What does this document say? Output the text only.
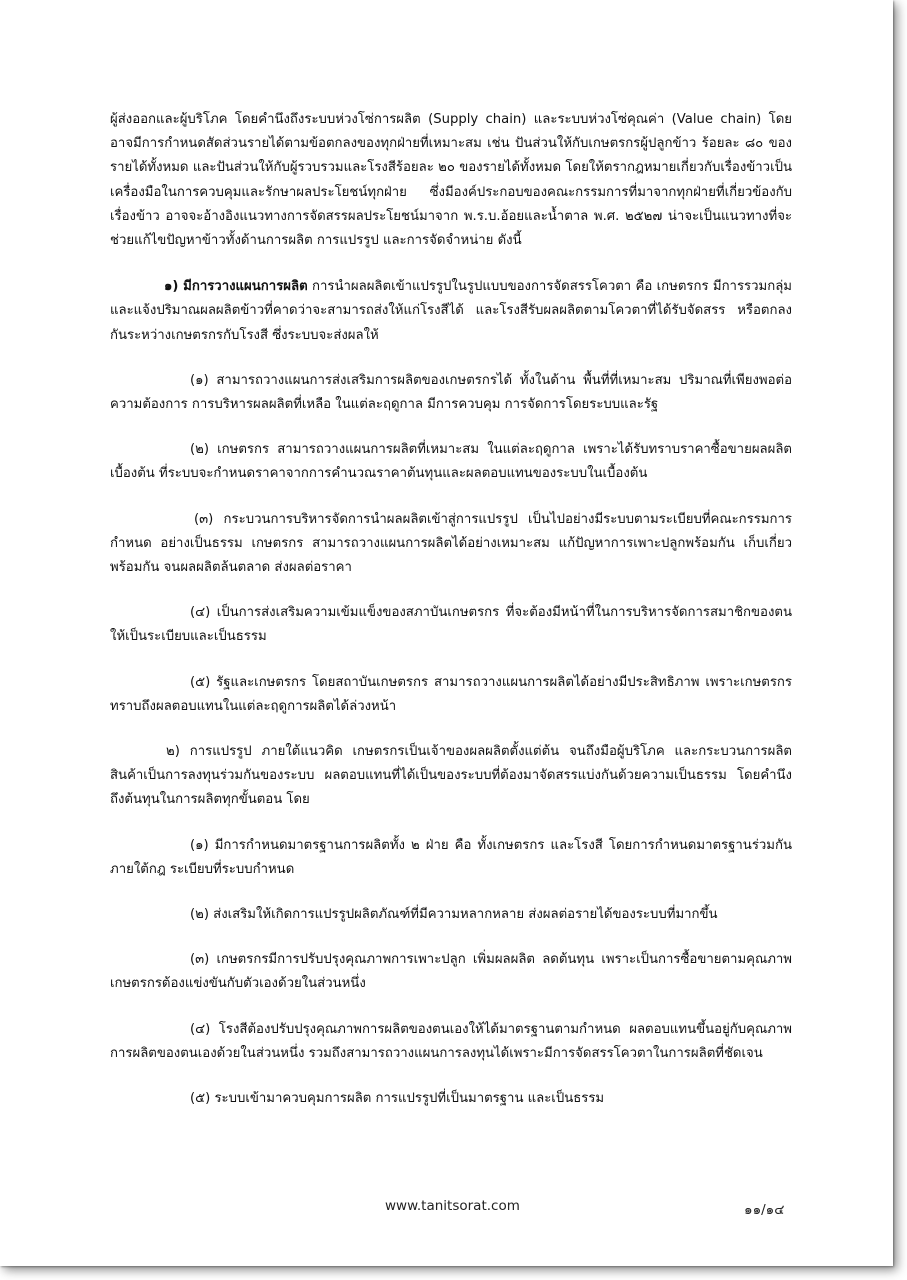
ผู้ส่งออกและผู้บริโภค โดยคำนึงถึงระบบห่วงโซ่การผลิต (Supply chain) และระบบห่วงโซ่คุณค่า (Value chain) โดยอาจมีการกำหนดสัดส่วนรายได้ตามข้อตกลงของทุกฝ่ายที่เหมาะสม เช่น ปันส่วนให้กับเกษตรกรผู้ปลูกข้าว ร้อยละ ๘๐ ของรายได้ทั้งหมด และปันส่วนให้กับผู้รวบรวมและโรงสีร้อยละ ๒๐ ของรายได้ทั้งหมด โดยให้ตรากฎหมายเกี่ยวกับเรื่องข้าวเป็นเครื่องมือในการควบคุมและรักษาผลประโยชน์ทุกฝ่าย ซึ่งมีองค์ประกอบของคณะกรรมการที่มาจากทุกฝ่ายที่เกี่ยวข้องกับเรื่องข้าว อาจจะอ้างอิงแนวทางการจัดสรรผลประโยชน์มาจาก พ.ร.บ.อ้อยและน้ำตาล พ.ศ. ๒๕๒๗ น่าจะเป็นแนวทางที่จะช่วยแก้ไขปัญหาข้าวทั้งด้านการผลิต การแปรรูป และการจัดจำหน่าย ดังนี้

๑) มีการวางแผนการผลิต การนำผลผลิตเข้าแปรรูปในรูปแบบของการจัดสรรโควตา คือ เกษตรกร มีการรวมกลุ่มและแจ้งปริมาณผลผลิตข้าวที่คาดว่าจะสามารถส่งให้แก่โรงสีได้ และโรงสีรับผลผลิตตามโควตาที่ได้รับจัดสรร หรือตกลงกันระหว่างเกษตรกรกับโรงสี ซึ่งระบบจะส่งผลให้

(๑) สามารถวางแผนการส่งเสริมการผลิตของเกษตรกรได้ ทั้งในด้าน พื้นที่ที่เหมาะสม ปริมาณที่เพียงพอต่อความต้องการ การบริหารผลผลิตที่เหลือ ในแต่ละฤดูกาล มีการควบคุม การจัดการโดยระบบและรัฐ

(๒) เกษตรกร สามารถวางแผนการผลิตที่เหมาะสม ในแต่ละฤดูกาล เพราะได้รับทราบราคาซื้อขายผลผลิตเบื้องต้น ที่ระบบจะกำหนดราคาจากการคำนวณราคาต้นทุนและผลตอบแทนของระบบในเบื้องต้น

(๓) กระบวนการบริหารจัดการนำผลผลิตเข้าสู่การแปรรูป เป็นไปอย่างมีระบบตามระเบียบที่คณะกรรมการกำหนด อย่างเป็นธรรม เกษตรกร สามารถวางแผนการผลิตได้อย่างเหมาะสม แก้ปัญหาการเพาะปลูกพร้อมกัน เก็บเกี่ยวพร้อมกัน จนผลผลิตล้นตลาด ส่งผลต่อราคา

(๔) เป็นการส่งเสริมความเข้มแข็งของสภาบันเกษตรกร ที่จะต้องมีหน้าที่ในการบริหารจัดการสมาชิกของตนให้เป็นระเบียบและเป็นธรรม

(๕) รัฐและเกษตรกร โดยสถาบันเกษตรกร สามารถวางแผนการผลิตได้อย่างมีประสิทธิภาพ เพราะเกษตรกรทราบถึงผลตอบแทนในแต่ละฤดูการผลิตได้ล่วงหน้า

๒) การแปรรูป ภายใต้แนวคิด เกษตรกรเป็นเจ้าของผลผลิตตั้งแต่ต้น จนถึงมือผู้บริโภค และกระบวนการผลิตสินค้าเป็นการลงทุนร่วมกันของระบบ ผลตอบแทนที่ได้เป็นของระบบที่ต้องมาจัดสรรแบ่งกันด้วยความเป็นธรรม โดยคำนึงถึงต้นทุนในการผลิตทุกขั้นตอน โดย

(๑) มีการกำหนดมาตรฐานการผลิตทั้ง ๒ ฝ่าย คือ ทั้งเกษตรกร และโรงสี โดยการกำหนดมาตรฐานร่วมกันภายใต้กฎ ระเบียบที่ระบบกำหนด

(๒) ส่งเสริมให้เกิดการแปรรูปผลิตภัณฑ์ที่มีความหลากหลาย ส่งผลต่อรายได้ของระบบที่มากขึ้น

(๓) เกษตรกรมีการปรับปรุงคุณภาพการเพาะปลูก เพิ่มผลผลิต ลดต้นทุน เพราะเป็นการซื้อขายตามคุณภาพ เกษตรกรต้องแข่งขันกับตัวเองด้วยในส่วนหนึ่ง

(๔) โรงสีต้องปรับปรุงคุณภาพการผลิตของตนเองให้ได้มาตรฐานตามกำหนด ผลตอบแทนขึ้นอยู่กับคุณภาพการผลิตของตนเองด้วยในส่วนหนึ่ง รวมถึงสามารถวางแผนการลงทุนได้เพราะมีการจัดสรรโควตาในการผลิตที่ชัดเจน

(๕) ระบบเข้ามาควบคุมการผลิต การแปรรูปที่เป็นมาตรฐาน และเป็นธรรม

www.tanitsorat.com	๑๑/๑๔
